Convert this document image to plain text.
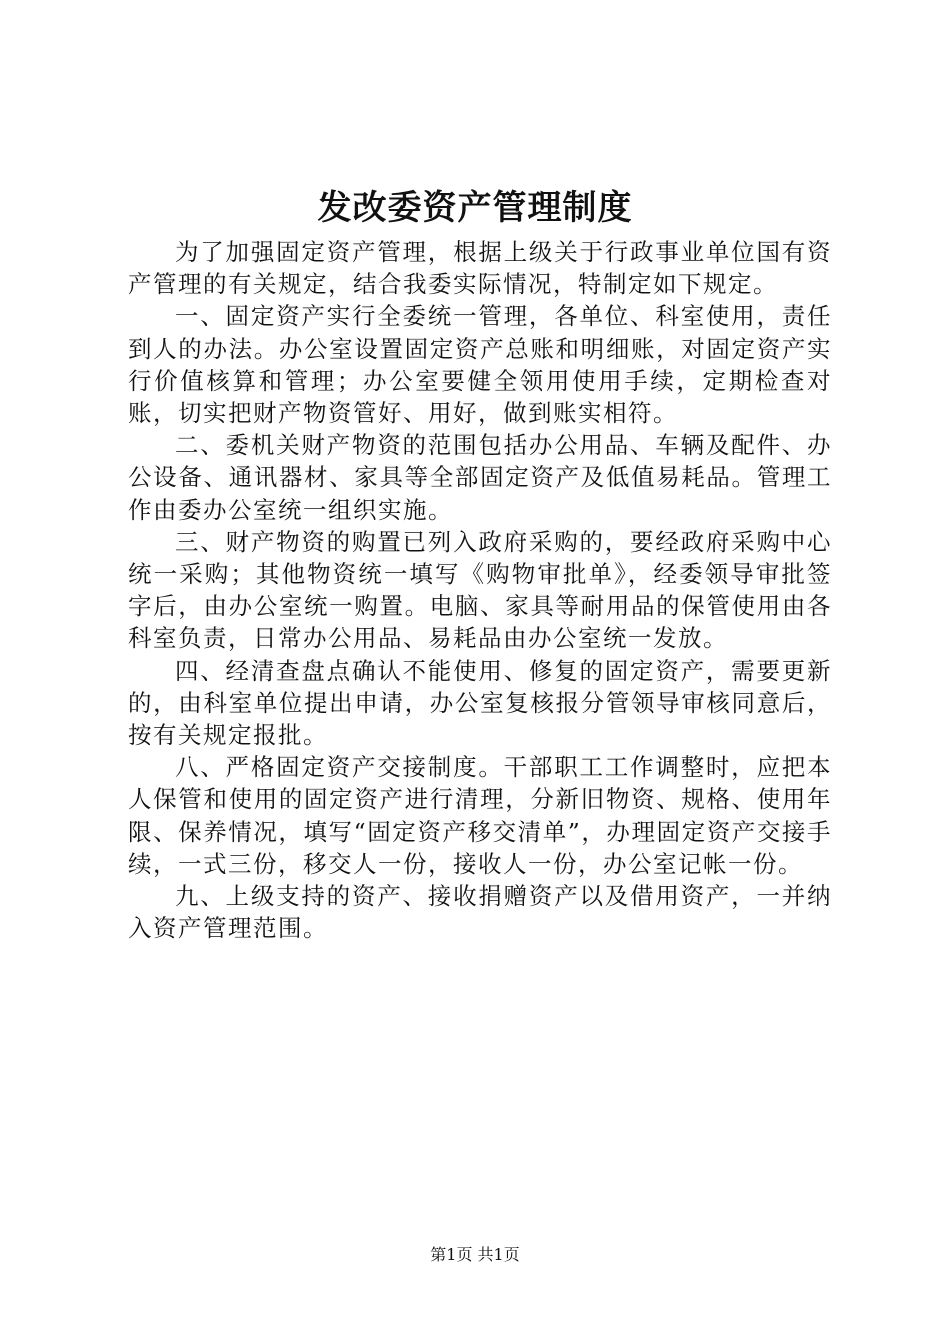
发改委资产管理制度

为了加强固定资产管理，根据上级关于行政事业单位国有资产管理的有关规定，结合我委实际情况，特制定如下规定。

一、固定资产实行全委统一管理，各单位、科室使用，责任到人的办法。办公室设置固定资产总账和明细账，对固定资产实行价值核算和管理；办公室要健全领用使用手续，定期检查对账，切实把财产物资管好、用好，做到账实相符。

二、委机关财产物资的范围包括办公用品、车辆及配件、办公设备、通讯器材、家具等全部固定资产及低值易耗品。管理工作由委办公室统一组织实施。

三、财产物资的购置已列入政府采购的，要经政府采购中心统一采购；其他物资统一填写《购物审批单》，经委领导审批签字后，由办公室统一购置。电脑、家具等耐用品的保管使用由各科室负责，日常办公用品、易耗品由办公室统一发放。

四、经清查盘点确认不能使用、修复的固定资产，需要更新的，由科室单位提出申请，办公室复核报分管领导审核同意后，按有关规定报批。

八、严格固定资产交接制度。干部职工工作调整时，应把本人保管和使用的固定资产进行清理，分新旧物资、规格、使用年限、保养情况，填写“固定资产移交清单”，办理固定资产交接手续，一式三份，移交人一份，接收人一份，办公室记帐一份。

九、上级支持的资产、接收捐赠资产以及借用资产，一并纳入资产管理范围。

第1页 共1页
